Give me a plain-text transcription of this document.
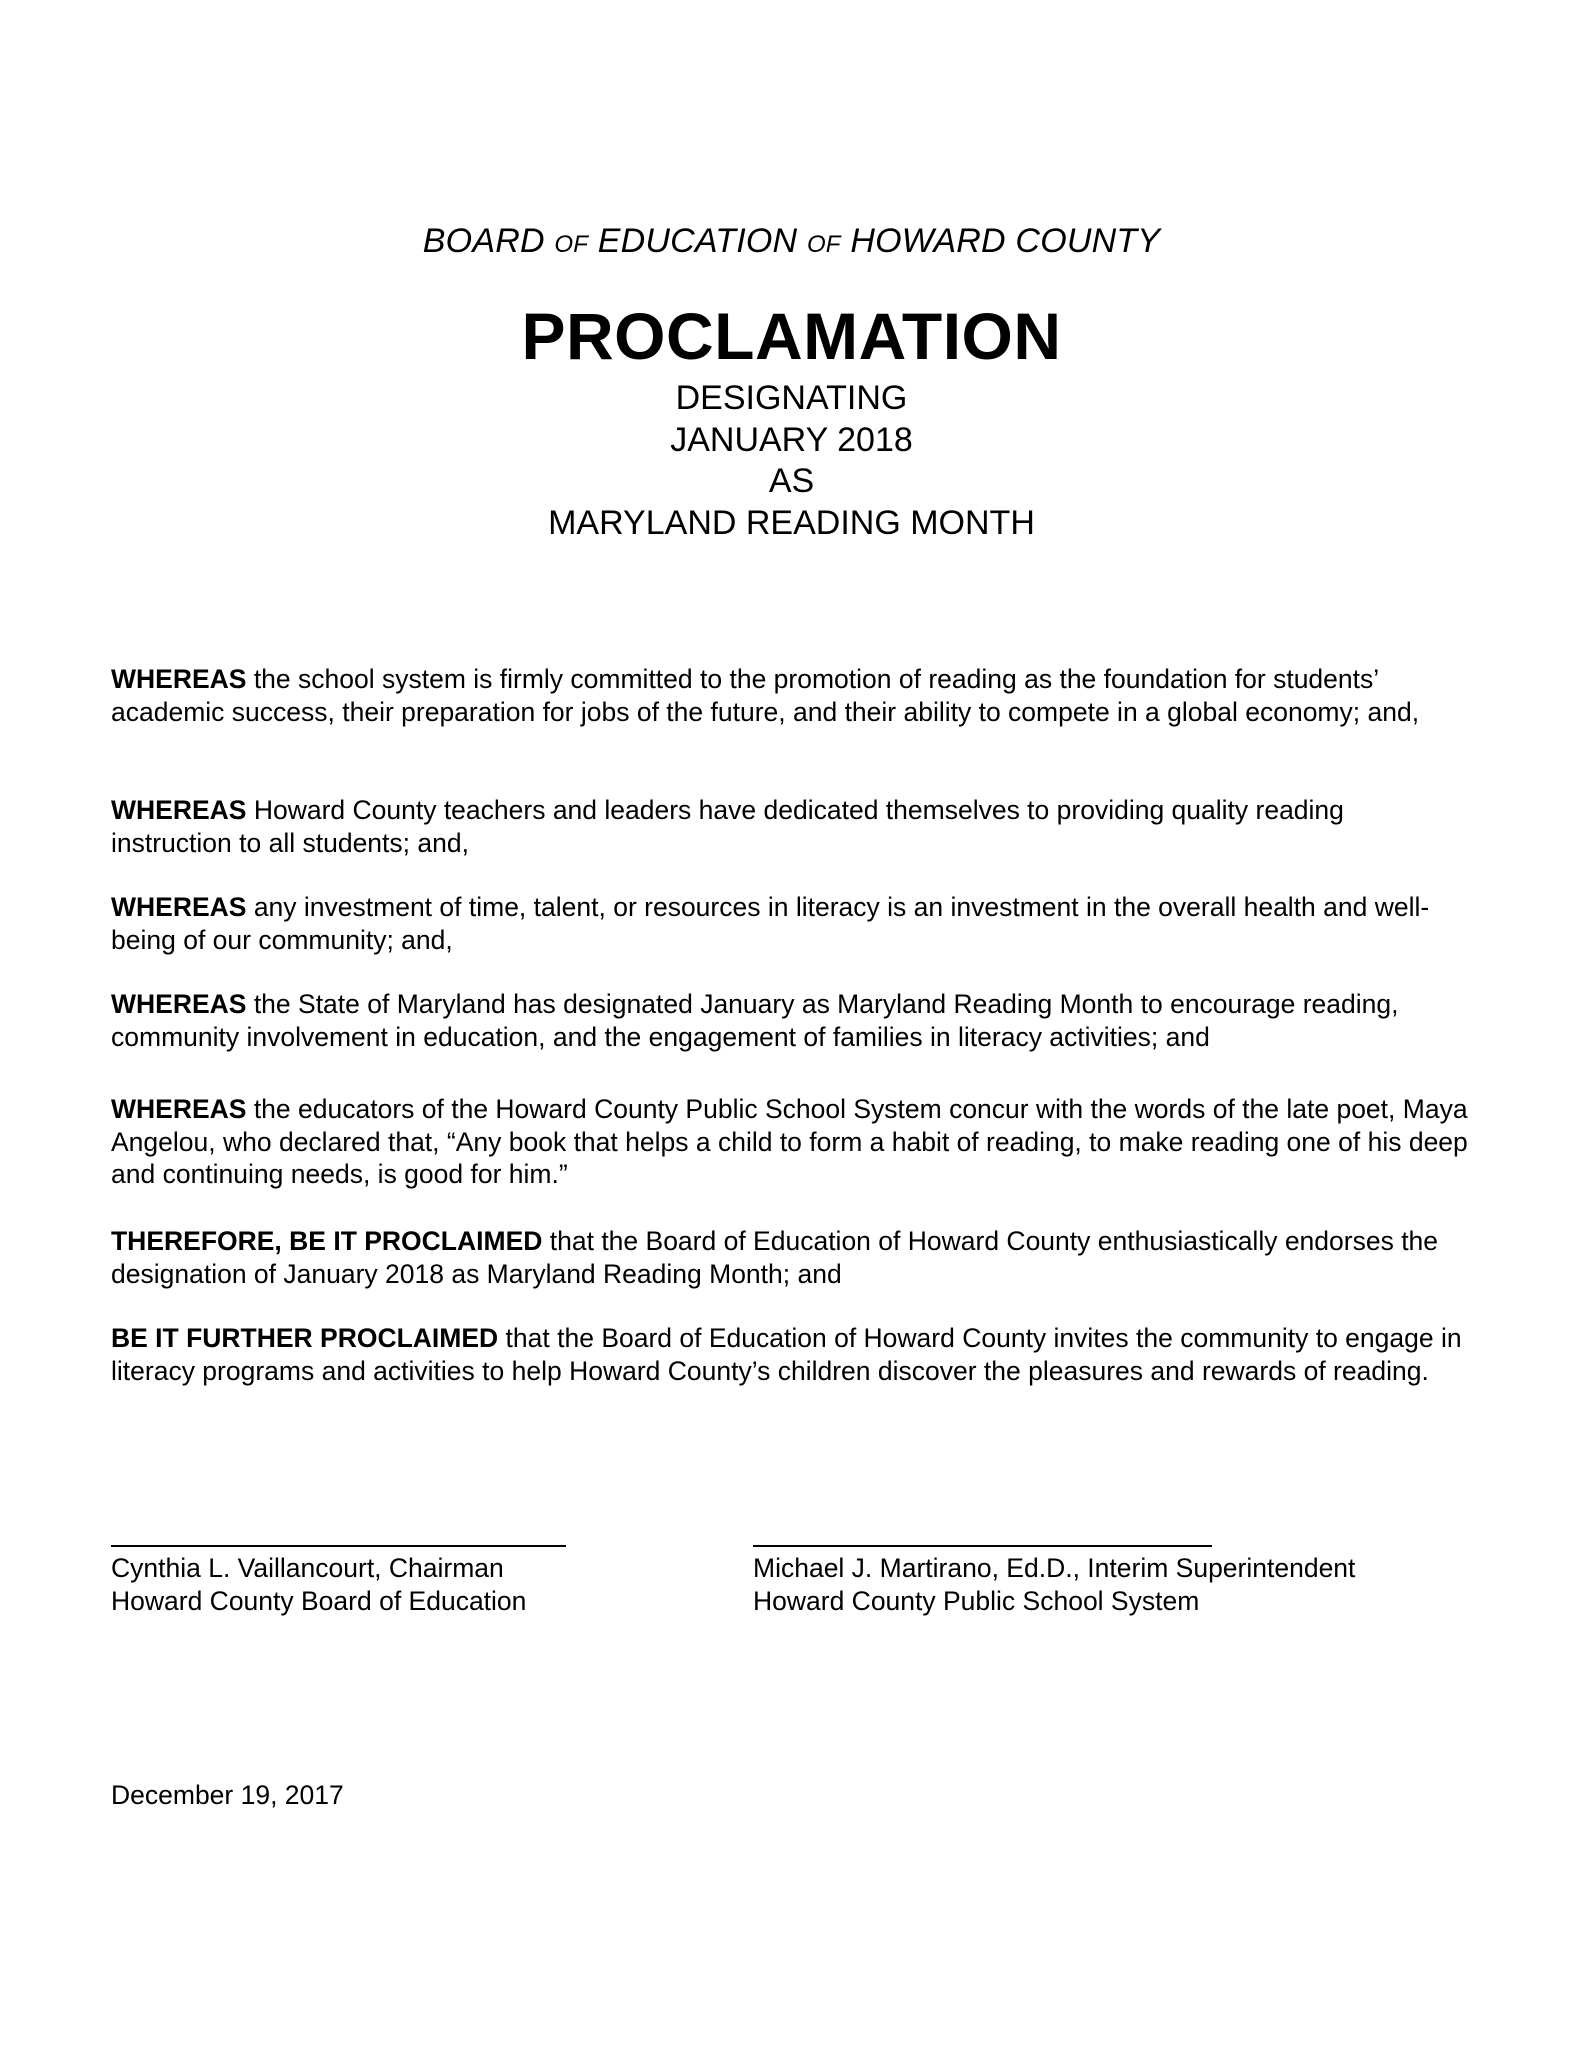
BOARD OF EDUCATION OF HOWARD COUNTY
PROCLAMATION
DESIGNATING
JANUARY 2018
AS
MARYLAND READING MONTH
WHEREAS the school system is firmly committed to the promotion of reading as the foundation for students’ academic success, their preparation for jobs of the future, and their ability to compete in a global economy; and,
WHEREAS Howard County teachers and leaders have dedicated themselves to providing quality reading instruction to all students; and,
WHEREAS any investment of time, talent, or resources in literacy is an investment in the overall health and well-being of our community; and,
WHEREAS the State of Maryland has designated January as Maryland Reading Month to encourage reading, community involvement in education, and the engagement of families in literacy activities; and
WHEREAS the educators of the Howard County Public School System concur with the words of the late poet, Maya Angelou, who declared that, “Any book that helps a child to form a habit of reading, to make reading one of his deep and continuing needs, is good for him.”
THEREFORE, BE IT PROCLAIMED that the Board of Education of Howard County enthusiastically endorses the designation of January 2018 as Maryland Reading Month; and
BE IT FURTHER PROCLAIMED that the Board of Education of Howard County invites the community to engage in literacy programs and activities to help Howard County’s children discover the pleasures and rewards of reading.
Cynthia L. Vaillancourt, Chairman
Howard County Board of Education
Michael J. Martirano, Ed.D., Interim Superintendent
Howard County Public School System
December 19, 2017
